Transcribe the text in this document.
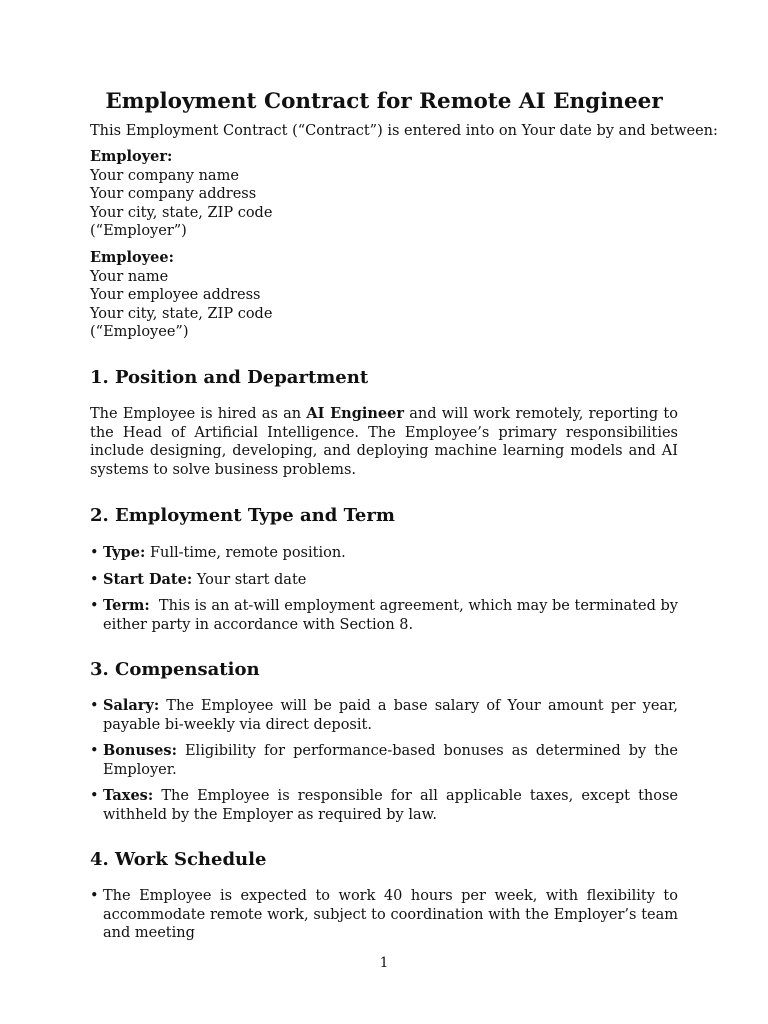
Employment Contract for Remote AI Engineer
This Employment Contract (“Contract”) is entered into on Your date by and between:
Employer:
Your company name
Your company address
Your city, state, ZIP code
(“Employer”)
Employee:
Your name
Your employee address
Your city, state, ZIP code
(“Employee”)
1. Position and Department
The Employee is hired as an AI Engineer and will work remotely, reporting to the Head of Artificial Intelligence. The Employee’s primary responsibilities include designing, developing, and deploying machine learning models and AI systems to solve business problems.
2. Employment Type and Term
• Type: Full-time, remote position.
• Start Date: Your start date
• Term:  This is an at-will employment agreement, which may be terminated by either party in accordance with Section 8.
3. Compensation
• Salary: The Employee will be paid a base salary of Your amount per year, payable bi-weekly via direct deposit.
• Bonuses: Eligibility for performance-based bonuses as determined by the Employer.
• Taxes: The Employee is responsible for all applicable taxes, except those withheld by the Employer as required by law.
4. Work Schedule
• The Employee is expected to work 40 hours per week, with flexibility to accommodate remote work, subject to coordination with the Employer’s team and meeting
1
